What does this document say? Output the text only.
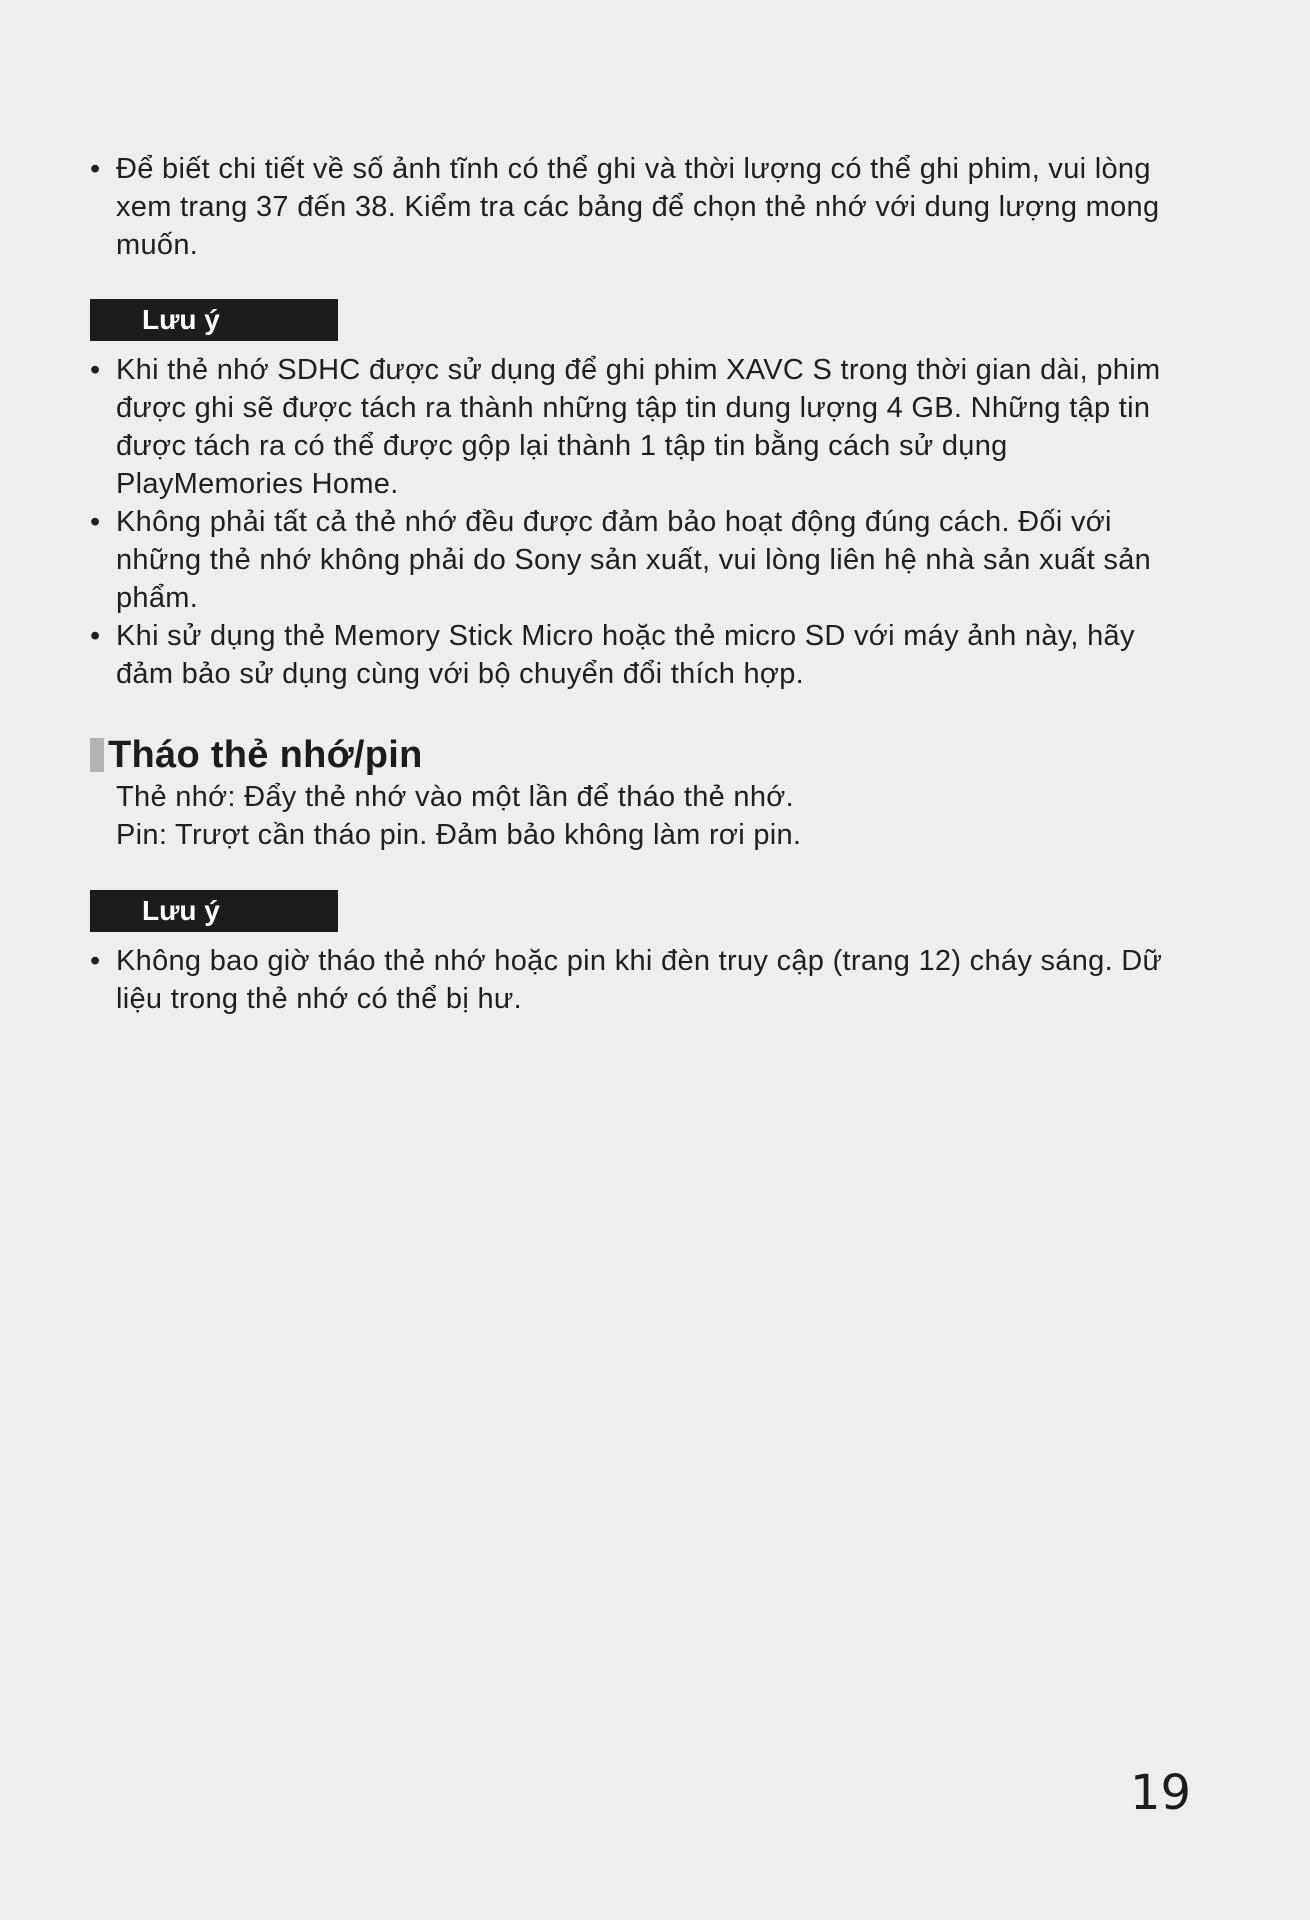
• Để biết chi tiết về số ảnh tĩnh có thể ghi và thời lượng có thể ghi phim, vui lòng xem trang 37 đến 38. Kiểm tra các bảng để chọn thẻ nhớ với dung lượng mong muốn.
Lưu ý
• Khi thẻ nhớ SDHC được sử dụng để ghi phim XAVC S trong thời gian dài, phim được ghi sẽ được tách ra thành những tập tin dung lượng 4 GB. Những tập tin được tách ra có thể được gộp lại thành 1 tập tin bằng cách sử dụng PlayMemories Home.
• Không phải tất cả thẻ nhớ đều được đảm bảo hoạt động đúng cách. Đối với những thẻ nhớ không phải do Sony sản xuất, vui lòng liên hệ nhà sản xuất sản phẩm.
• Khi sử dụng thẻ Memory Stick Micro hoặc thẻ micro SD với máy ảnh này, hãy đảm bảo sử dụng cùng với bộ chuyển đổi thích hợp.
Tháo thẻ nhớ/pin
Thẻ nhớ: Đẩy thẻ nhớ vào một lần để tháo thẻ nhớ.
Pin: Trượt cần tháo pin. Đảm bảo không làm rơi pin.
Lưu ý
• Không bao giờ tháo thẻ nhớ hoặc pin khi đèn truy cập (trang 12) cháy sáng. Dữ liệu trong thẻ nhớ có thể bị hư.
19
